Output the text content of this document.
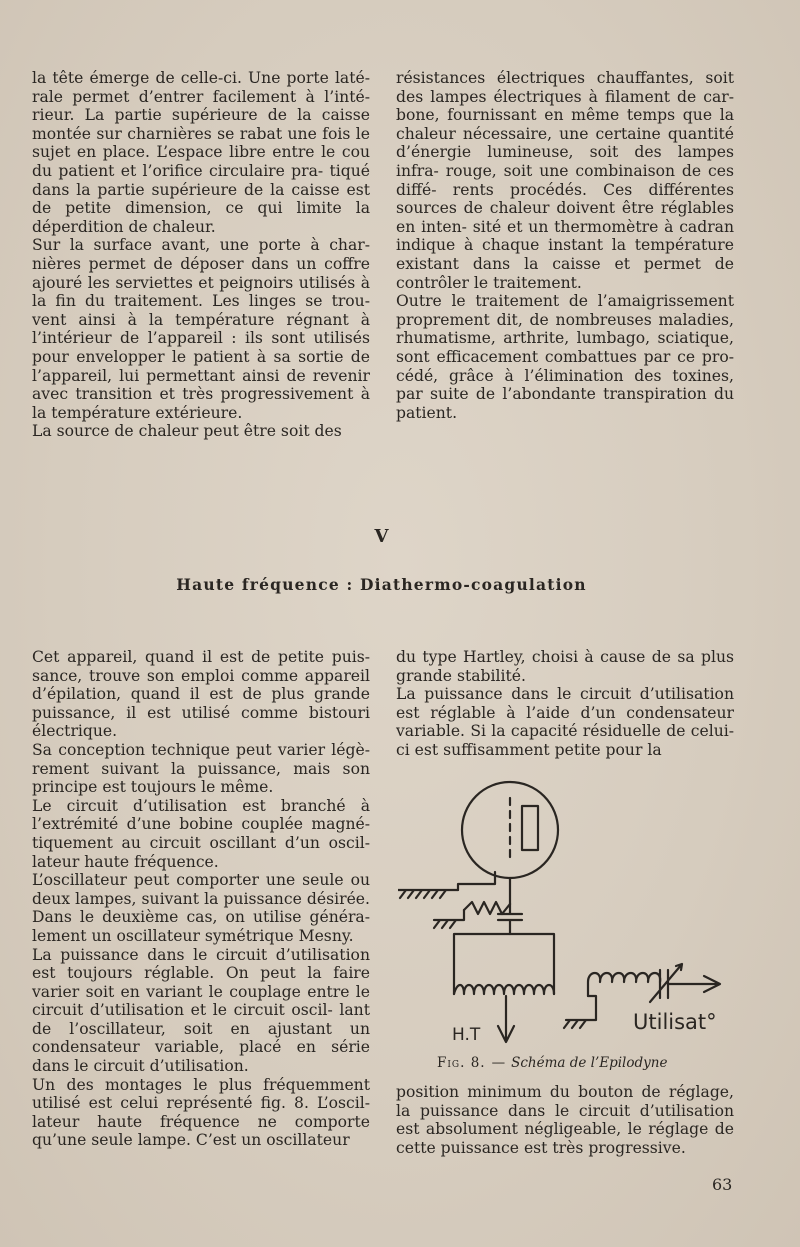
la tête émerge de celle-ci. Une porte laté- rale permet d’entrer facilement à l’inté- rieur. La partie supérieure de la caisse montée sur charnières se rabat une fois le sujet en place. L’espace libre entre le cou du patient et l’orifice circulaire pra- tiqué dans la partie supérieure de la caisse est de petite dimension, ce qui limite la déperdition de chaleur.

Sur la surface avant, une porte à char- nières permet de déposer dans un coffre ajouré les serviettes et peignoirs utilisés à la fin du traitement. Les linges se trou- vent ainsi à la température régnant à l’intérieur de l’appareil : ils sont utilisés pour envelopper le patient à sa sortie de l’appareil, lui permettant ainsi de revenir avec transition et très progressivement à la température extérieure.

La source de chaleur peut être soit des

résistances électriques chauffantes, soit des lampes électriques à filament de car- bone, fournissant en même temps que la chaleur nécessaire, une certaine quantité d’énergie lumineuse, soit des lampes infra- rouge, soit une combinaison de ces diffé- rents procédés. Ces différentes sources de chaleur doivent être réglables en inten- sité et un thermomètre à cadran indique à chaque instant la température existant dans la caisse et permet de contrôler le traitement.

Outre le traitement de l’amaigrissement proprement dit, de nombreuses maladies, rhumatisme, arthrite, lumbago, sciatique, sont efficacement combattues par ce pro- cédé, grâce à l’élimination des toxines, par suite de l’abondante transpiration du patient.

V
Haute fréquence : Diathermo-coagulation

Cet appareil, quand il est de petite puis- sance, trouve son emploi comme appareil d’épilation, quand il est de plus grande puissance, il est utilisé comme bistouri électrique.

Sa conception technique peut varier légè- rement suivant la puissance, mais son principe est toujours le même.

Le circuit d’utilisation est branché à l’extrémité d’une bobine couplée magné- tiquement au circuit oscillant d’un oscil- lateur haute fréquence.

L’oscillateur peut comporter une seule ou deux lampes, suivant la puissance désirée. Dans le deuxième cas, on utilise généra- lement un oscillateur symétrique Mesny.

La puissance dans le circuit d’utilisation est toujours réglable. On peut la faire varier soit en variant le couplage entre le circuit d’utilisation et le circuit oscil- lant de l’oscillateur, soit en ajustant un condensateur variable, placé en série dans le circuit d’utilisation.

Un des montages le plus fréquemment utilisé est celui représenté fig. 8. L’oscil- lateur haute fréquence ne comporte qu’une seule lampe. C’est un oscillateur

du type Hartley, choisi à cause de sa plus grande stabilité.

La puissance dans le circuit d’utilisation est réglable à l’aide d’un condensateur variable. Si la capacité résiduelle de celui-ci est suffisamment petite pour la

H.T
Utilisat°
Fig. 8. — Schéma de l’Epilodyne

position minimum du bouton de réglage, la puissance dans le circuit d’utilisation est absolument négligeable, le réglage de cette puissance est très progressive.

63
